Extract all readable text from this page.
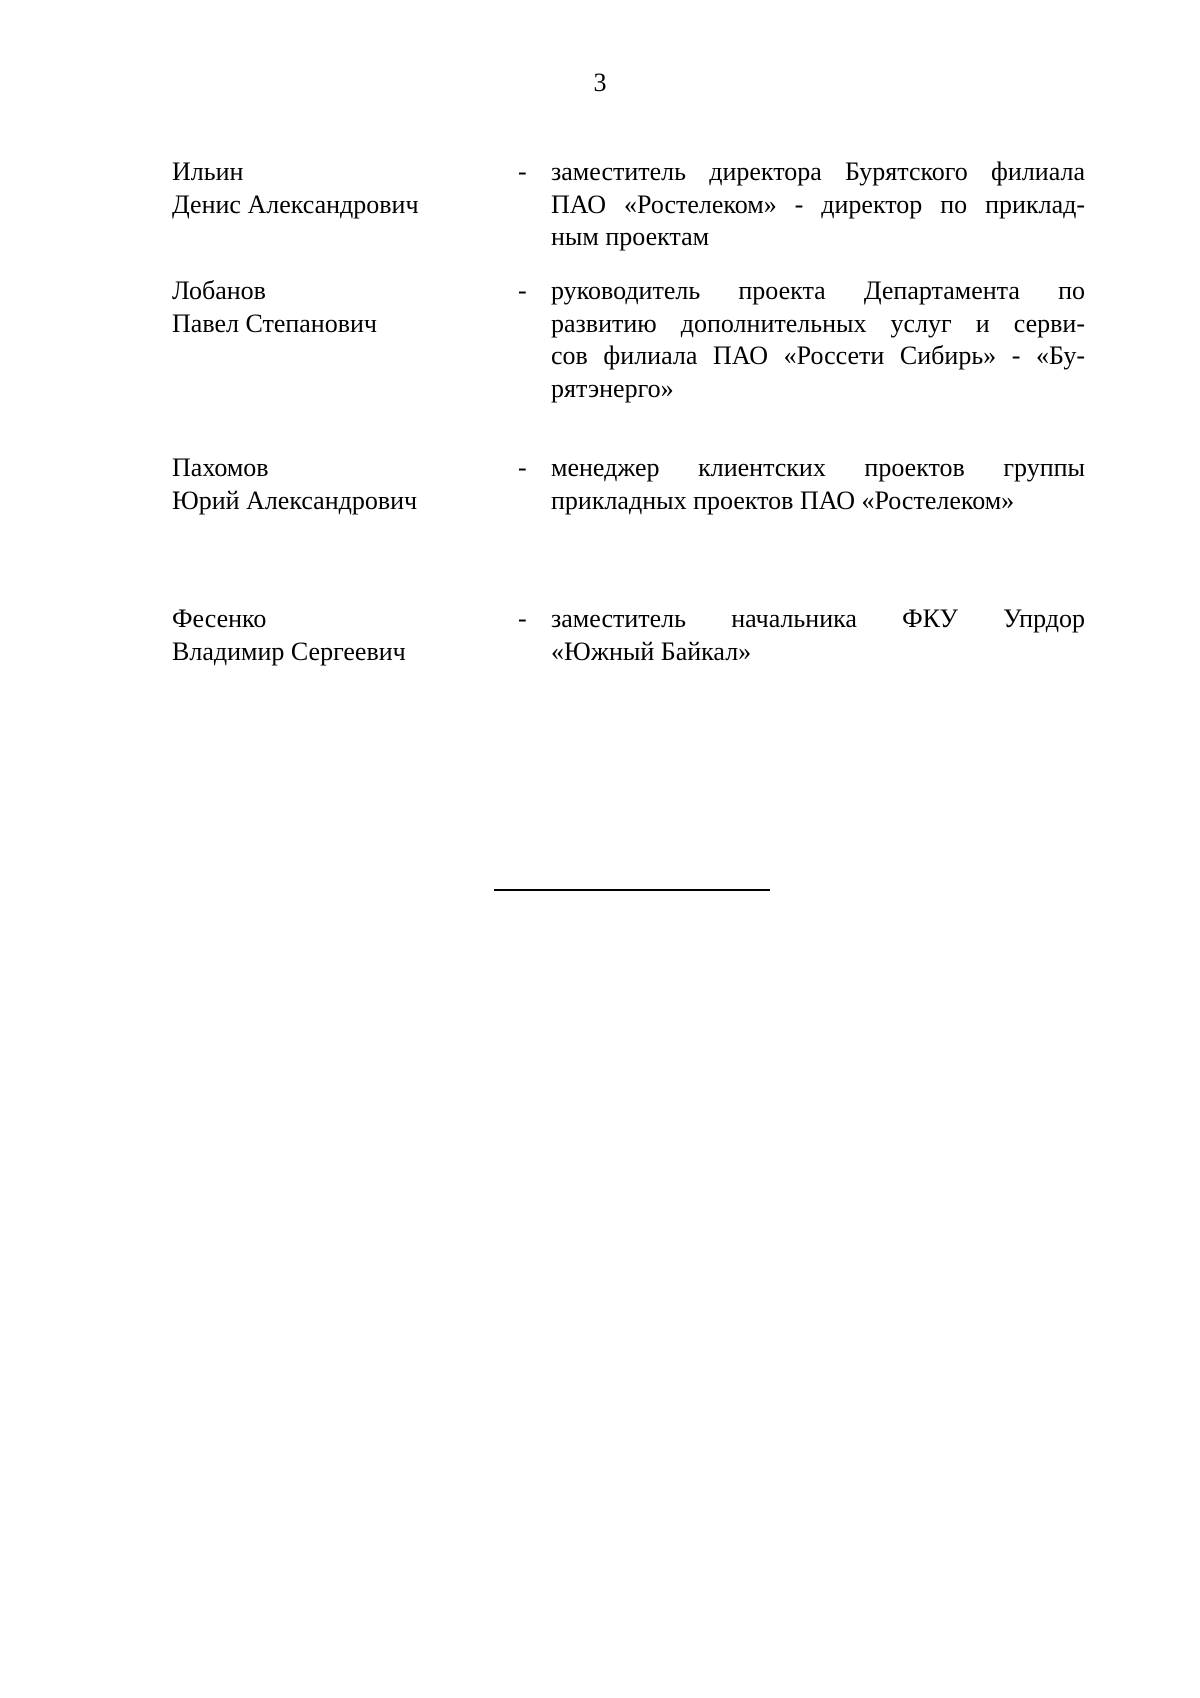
3
Ильин
Денис Александрович
- заместитель директора Бурятского филиала
ПАО «Ростелеком» - директор по приклад-
ным проектам
Лобанов
Павел Степанович
- руководитель проекта Департамента по
развитию дополнительных услуг и серви-
сов филиала ПАО «Россети Сибирь» - «Бу-
рятэнерго»
Пахомов
Юрий Александрович
- менеджер клиентских проектов группы
прикладных проектов ПАО «Ростелеком»
Фесенко
Владимир Сергеевич
- заместитель начальника ФКУ Упрдор
«Южный Байкал»
